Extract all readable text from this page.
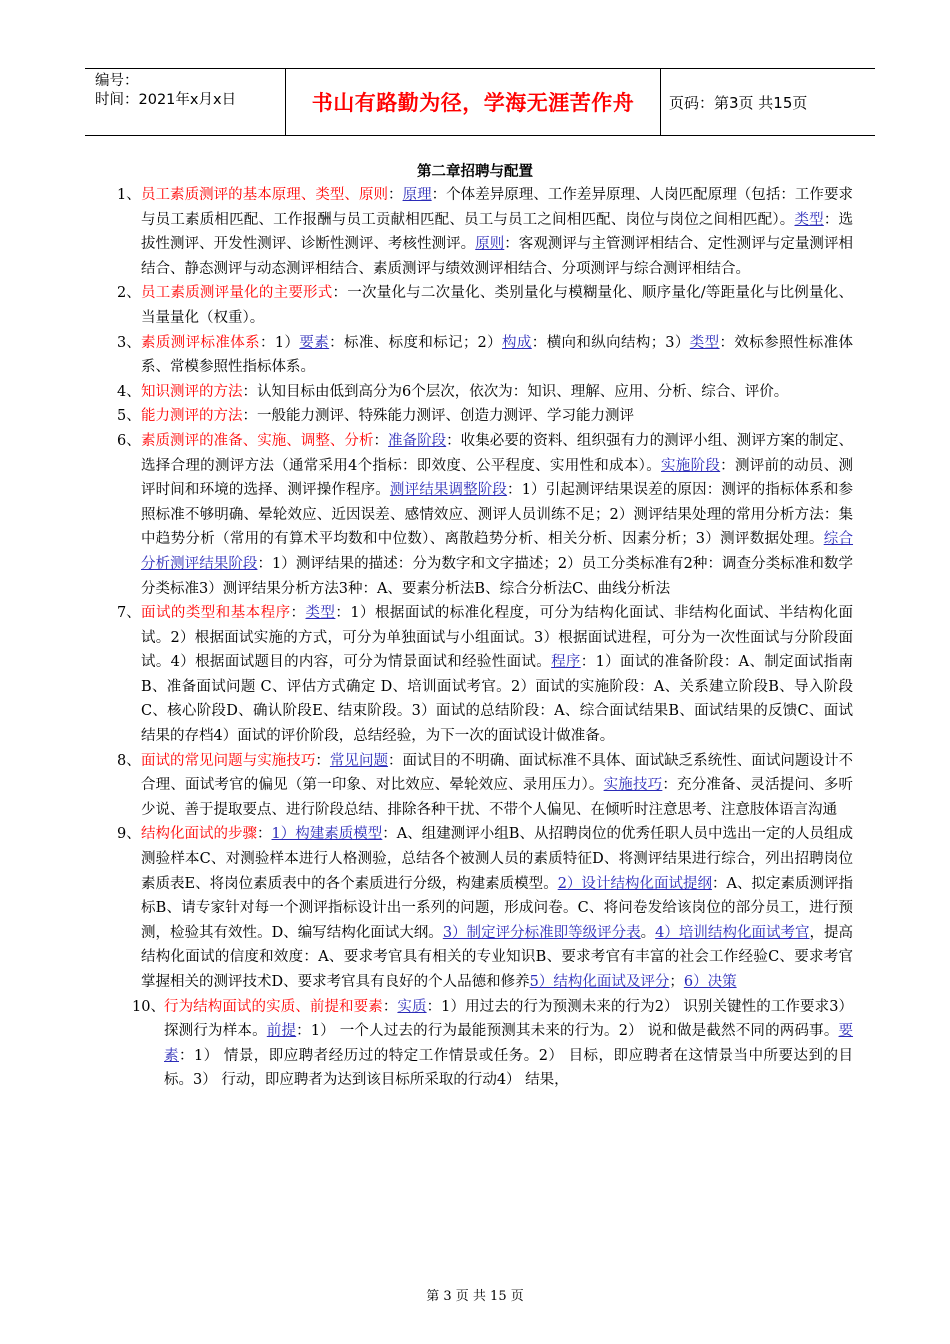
编号：
时间：2021年x月x日	书山有路勤为径，学海无涯苦作舟	页码：第3页 共15页
第二章招聘与配置
1、 员工素质测评的基本原理、类型、原则：原理：个体差异原理、工作差异原理、人岗匹配原理（包括：工作要求与员工素质相匹配、工作报酬与员工贡献相匹配、员工与员工之间相匹配、岗位与岗位之间相匹配）。类型：选拔性测评、开发性测评、诊断性测评、考核性测评。原则：客观测评与主管测评相结合、定性测评与定量测评相结合、静态测评与动态测评相结合、素质测评与绩效测评相结合、分项测评与综合测评相结合。
2、 员工素质测评量化的主要形式：一次量化与二次量化、类别量化与模糊量化、顺序量化/等距量化与比例量化、当量量化（权重）。
3、 素质测评标准体系：1）要素：标准、标度和标记；2）构成：横向和纵向结构；3）类型：效标参照性标准体系、常模参照性指标体系。
4、 知识测评的方法：认知目标由低到高分为6个层次，依次为：知识、理解、应用、分析、综合、评价。
5、 能力测评的方法：一般能力测评、特殊能力测评、创造力测评、学习能力测评
6、 素质测评的准备、实施、调整、分析：准备阶段：收集必要的资料、组织强有力的测评小组、测评方案的制定、选择合理的测评方法（通常采用4个指标：即效度、公平程度、实用性和成本）。实施阶段：测评前的动员、测评时间和环境的选择、测评操作程序。测评结果调整阶段：1）引起测评结果误差的原因：测评的指标体系和参照标准不够明确、晕轮效应、近因误差、感情效应、测评人员训练不足；2）测评结果处理的常用分析方法：集中趋势分析（常用的有算术平均数和中位数）、离散趋势分析、相关分析、因素分析；3）测评数据处理。综合分析测评结果阶段：1）测评结果的描述：分为数字和文字描述；2）员工分类标准有2种：调查分类标准和数学分类标准3）测评结果分析方法3种：A、要素分析法B、综合分析法C、曲线分析法
7、 面试的类型和基本程序：类型：1）根据面试的标准化程度，可分为结构化面试、非结构化面试、半结构化面试。2）根据面试实施的方式，可分为单独面试与小组面试。3）根据面试进程，可分为一次性面试与分阶段面试。4）根据面试题目的内容，可分为情景面试和经验性面试。程序：1）面试的准备阶段：A、制定面试指南　B、准备面试问题 C、评估方式确定 D、培训面试考官。2）面试的实施阶段：A、关系建立阶段B、导入阶段C、核心阶段D、确认阶段E、结束阶段。3）面试的总结阶段：A、综合面试结果B、面试结果的反馈C、面试结果的存档4）面试的评价阶段，总结经验，为下一次的面试设计做准备。
8、 面试的常见问题与实施技巧：常见问题：面试目的不明确、面试标准不具体、面试缺乏系统性、面试问题设计不合理、面试考官的偏见（第一印象、对比效应、晕轮效应、录用压力）。实施技巧：充分准备、灵活提问、多听少说、善于提取要点、进行阶段总结、排除各种干扰、不带个人偏见、在倾听时注意思考、注意肢体语言沟通
9、 结构化面试的步骤：1）构建素质模型：A、组建测评小组B、从招聘岗位的优秀任职人员中选出一定的人员组成测验样本C、对测验样本进行人格测验，总结各个被测人员的素质特征D、将测评结果进行综合，列出招聘岗位素质表E、将岗位素质表中的各个素质进行分级，构建素质模型。2）设计结构化面试提纲：A、拟定素质测评指标B、请专家针对每一个测评指标设计出一系列的问题，形成问卷。C、将问卷发给该岗位的部分员工，进行预测，检验其有效性。D、编写结构化面试大纲。3）制定评分标准即等级评分表。4）培训结构化面试考官，提高结构化面试的信度和效度：A、要求考官具有相关的专业知识B、要求考官有丰富的社会工作经验C、要求考官掌握相关的测评技术D、要求考官具有良好的个人品德和修养5）结构化面试及评分；6）决策
10、 行为结构面试的实质、前提和要素：实质：1）用过去的行为预测未来的行为2） 识别关键性的工作要求3） 探测行为样本。前提：1） 一个人过去的行为最能预测其未来的行为。2） 说和做是截然不同的两码事。要素：1） 情景，即应聘者经历过的特定工作情景或任务。2） 目标，即应聘者在这情景当中所要达到的目标。3） 行动，即应聘者为达到该目标所采取的行动4） 结果，
第 3 页 共 15 页
